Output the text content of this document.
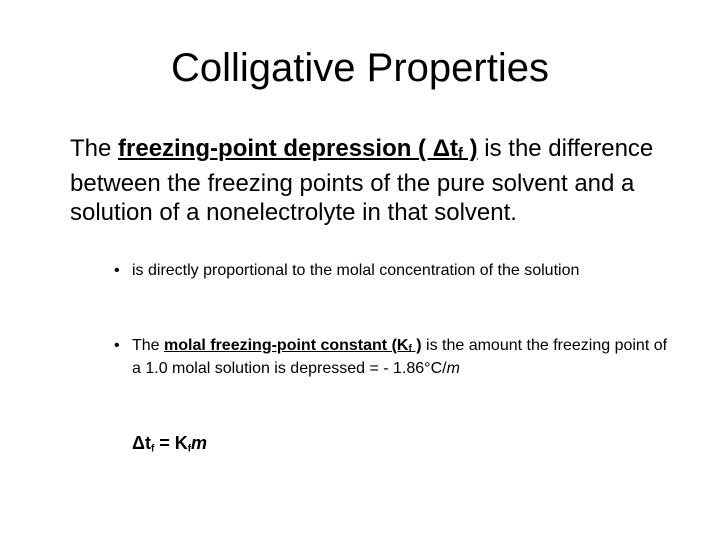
Colligative Properties
The freezing-point depression ( Δtf ) is the difference between the freezing points of the pure solvent and a solution of a nonelectrolyte in that solvent.
• is directly proportional to the molal concentration of the solution
• The molal freezing-point constant (Kf ) is the amount the freezing point of a 1.0 molal solution is depressed = - 1.86°C/m
$\Delta t_f = K_fm$
